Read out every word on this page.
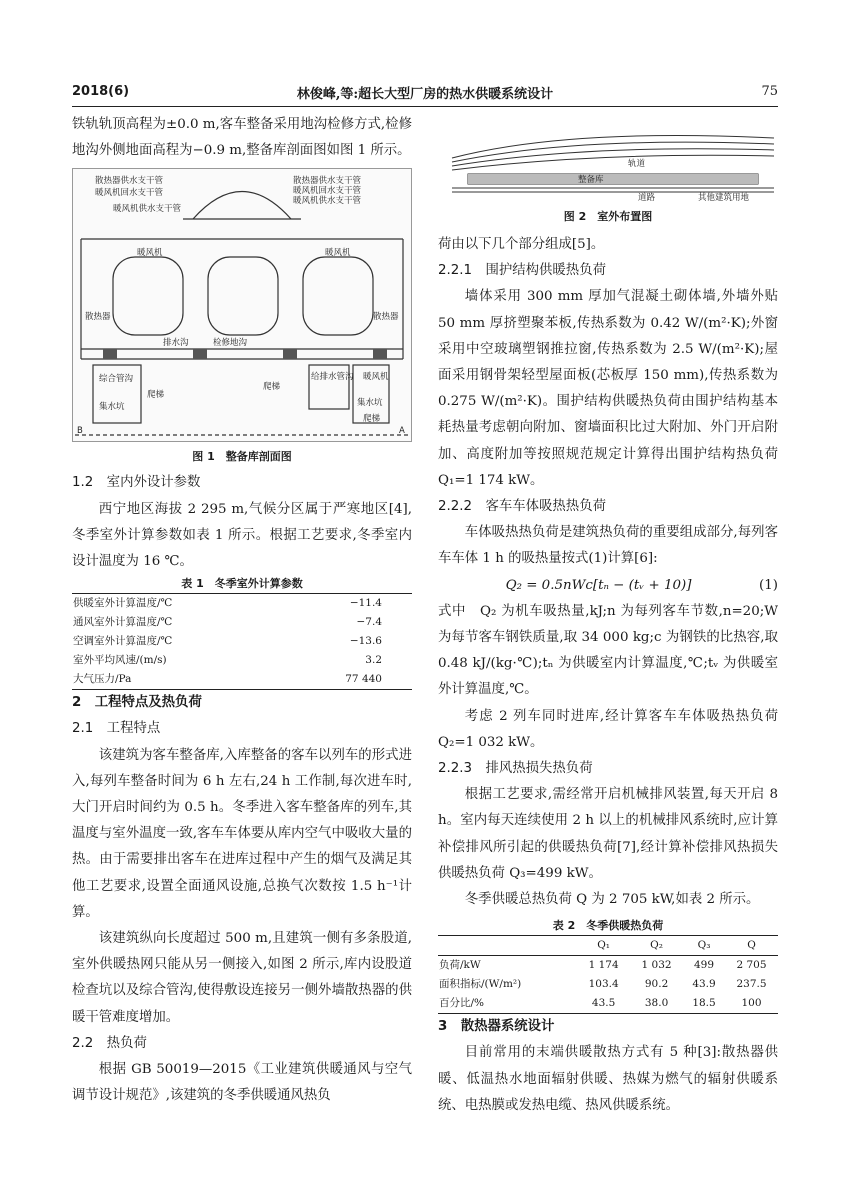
2018(6)	林俊峰,等:超长大型厂房的热水供暖系统设计	75

铁轨轨顶高程为±0.0 m,客车整备采用地沟检修方式,检修地沟外侧地面高程为−0.9 m,整备库剖面图如图 1 所示。

散热器供水支干管
暖风机回水支干管
暖风机供水支干管
散热器供水支干管
暖风机回水支干管
暖风机供水支干管
暖风机	暖风机
散热器	散热器
综合管沟
集水坑
爬梯
检修地沟
排水沟
爬梯
给排水管沟 暖风机
集水坑
爬梯
B	A
图 1　整备库剖面图
1.2　室内外设计参数

西宁地区海拔 2 295 m,气候分区属于严寒地区[4],冬季室外计算参数如表 1 所示。根据工艺要求,冬季室内设计温度为 16 ℃。

表 1　冬季室外计算参数
供暖室外计算温度/℃	−11.4
通风室外计算温度/℃	−7.4
空调室外计算温度/℃	−13.6
室外平均风速/(m/s)	3.2
大气压力/Pa	77 440
2　工程特点及热负荷
2.1　工程特点

该建筑为客车整备库,入库整备的客车以列车的形式进入,每列车整备时间为 6 h 左右,24 h 工作制,每次进车时,大门开启时间约为 0.5 h。冬季进入客车整备库的列车,其温度与室外温度一致,客车车体要从库内空气中吸收大量的热。由于需要排出客车在进库过程中产生的烟气及满足其他工艺要求,设置全面通风设施,总换气次数按 1.5 h⁻¹计算。

该建筑纵向长度超过 500 m,且建筑一侧有多条股道,室外供暖热网只能从另一侧接入,如图 2 所示,库内设股道检查坑以及综合管沟,使得敷设连接另一侧外墙散热器的供暖干管难度增加。

2.2　热负荷

根据 GB 50019—2015《工业建筑供暖通风与空气调节设计规范》,该建筑的冬季供暖通风热负

轨道
整备库
道路	其他建筑用地
图 2　室外布置图

荷由以下几个部分组成[5]。

2.2.1　围护结构供暖热负荷

墙体采用 300 mm 厚加气混凝土砌体墙,外墙外贴 50 mm 厚挤塑聚苯板,传热系数为 0.42 W/(m²·K);外窗采用中空玻璃塑钢推拉窗,传热系数为 2.5 W/(m²·K);屋面采用钢骨架轻型屋面板(芯板厚 150 mm),传热系数为 0.275 W/(m²·K)。围护结构供暖热负荷由围护结构基本耗热量考虑朝向附加、窗墙面积比过大附加、外门开启附加、高度附加等按照规范规定计算得出围护结构热负荷 Q₁=1 174 kW。

2.2.2　客车车体吸热热负荷

车体吸热热负荷是建筑热负荷的重要组成部分,每列客车车体 1 h 的吸热量按式(1)计算[6]:

Q₂ = 0.5nWc[tₙ − (tᵥ + 10)]	(1)

式中　Q₂ 为机车吸热量,kJ;n 为每列客车节数,n=20;W 为每节客车钢铁质量,取 34 000 kg;c 为钢铁的比热容,取 0.48 kJ/(kg·℃);tₙ 为供暖室内计算温度,℃;tᵥ 为供暖室外计算温度,℃。

考虑 2 列车同时进库,经计算客车车体吸热热负荷 Q₂=1 032 kW。

2.2.3　排风热损失热负荷

根据工艺要求,需经常开启机械排风装置,每天开启 8 h。室内每天连续使用 2 h 以上的机械排风系统时,应计算补偿排风所引起的供暖热负荷[7],经计算补偿排风热损失供暖热负荷 Q₃=499 kW。

冬季供暖总热负荷 Q 为 2 705 kW,如表 2 所示。

表 2　冬季供暖热负荷
	Q₁	Q₂	Q₃	Q
负荷/kW	1 174	1 032	499	2 705
面积指标/(W/m²)	103.4	90.2	43.9	237.5
百分比/%	43.5	38.0	18.5	100
3　散热器系统设计

目前常用的末端供暖散热方式有 5 种[3]:散热器供暖、低温热水地面辐射供暖、热媒为燃气的辐射供暖系统、电热膜或发热电缆、热风供暖系统。
